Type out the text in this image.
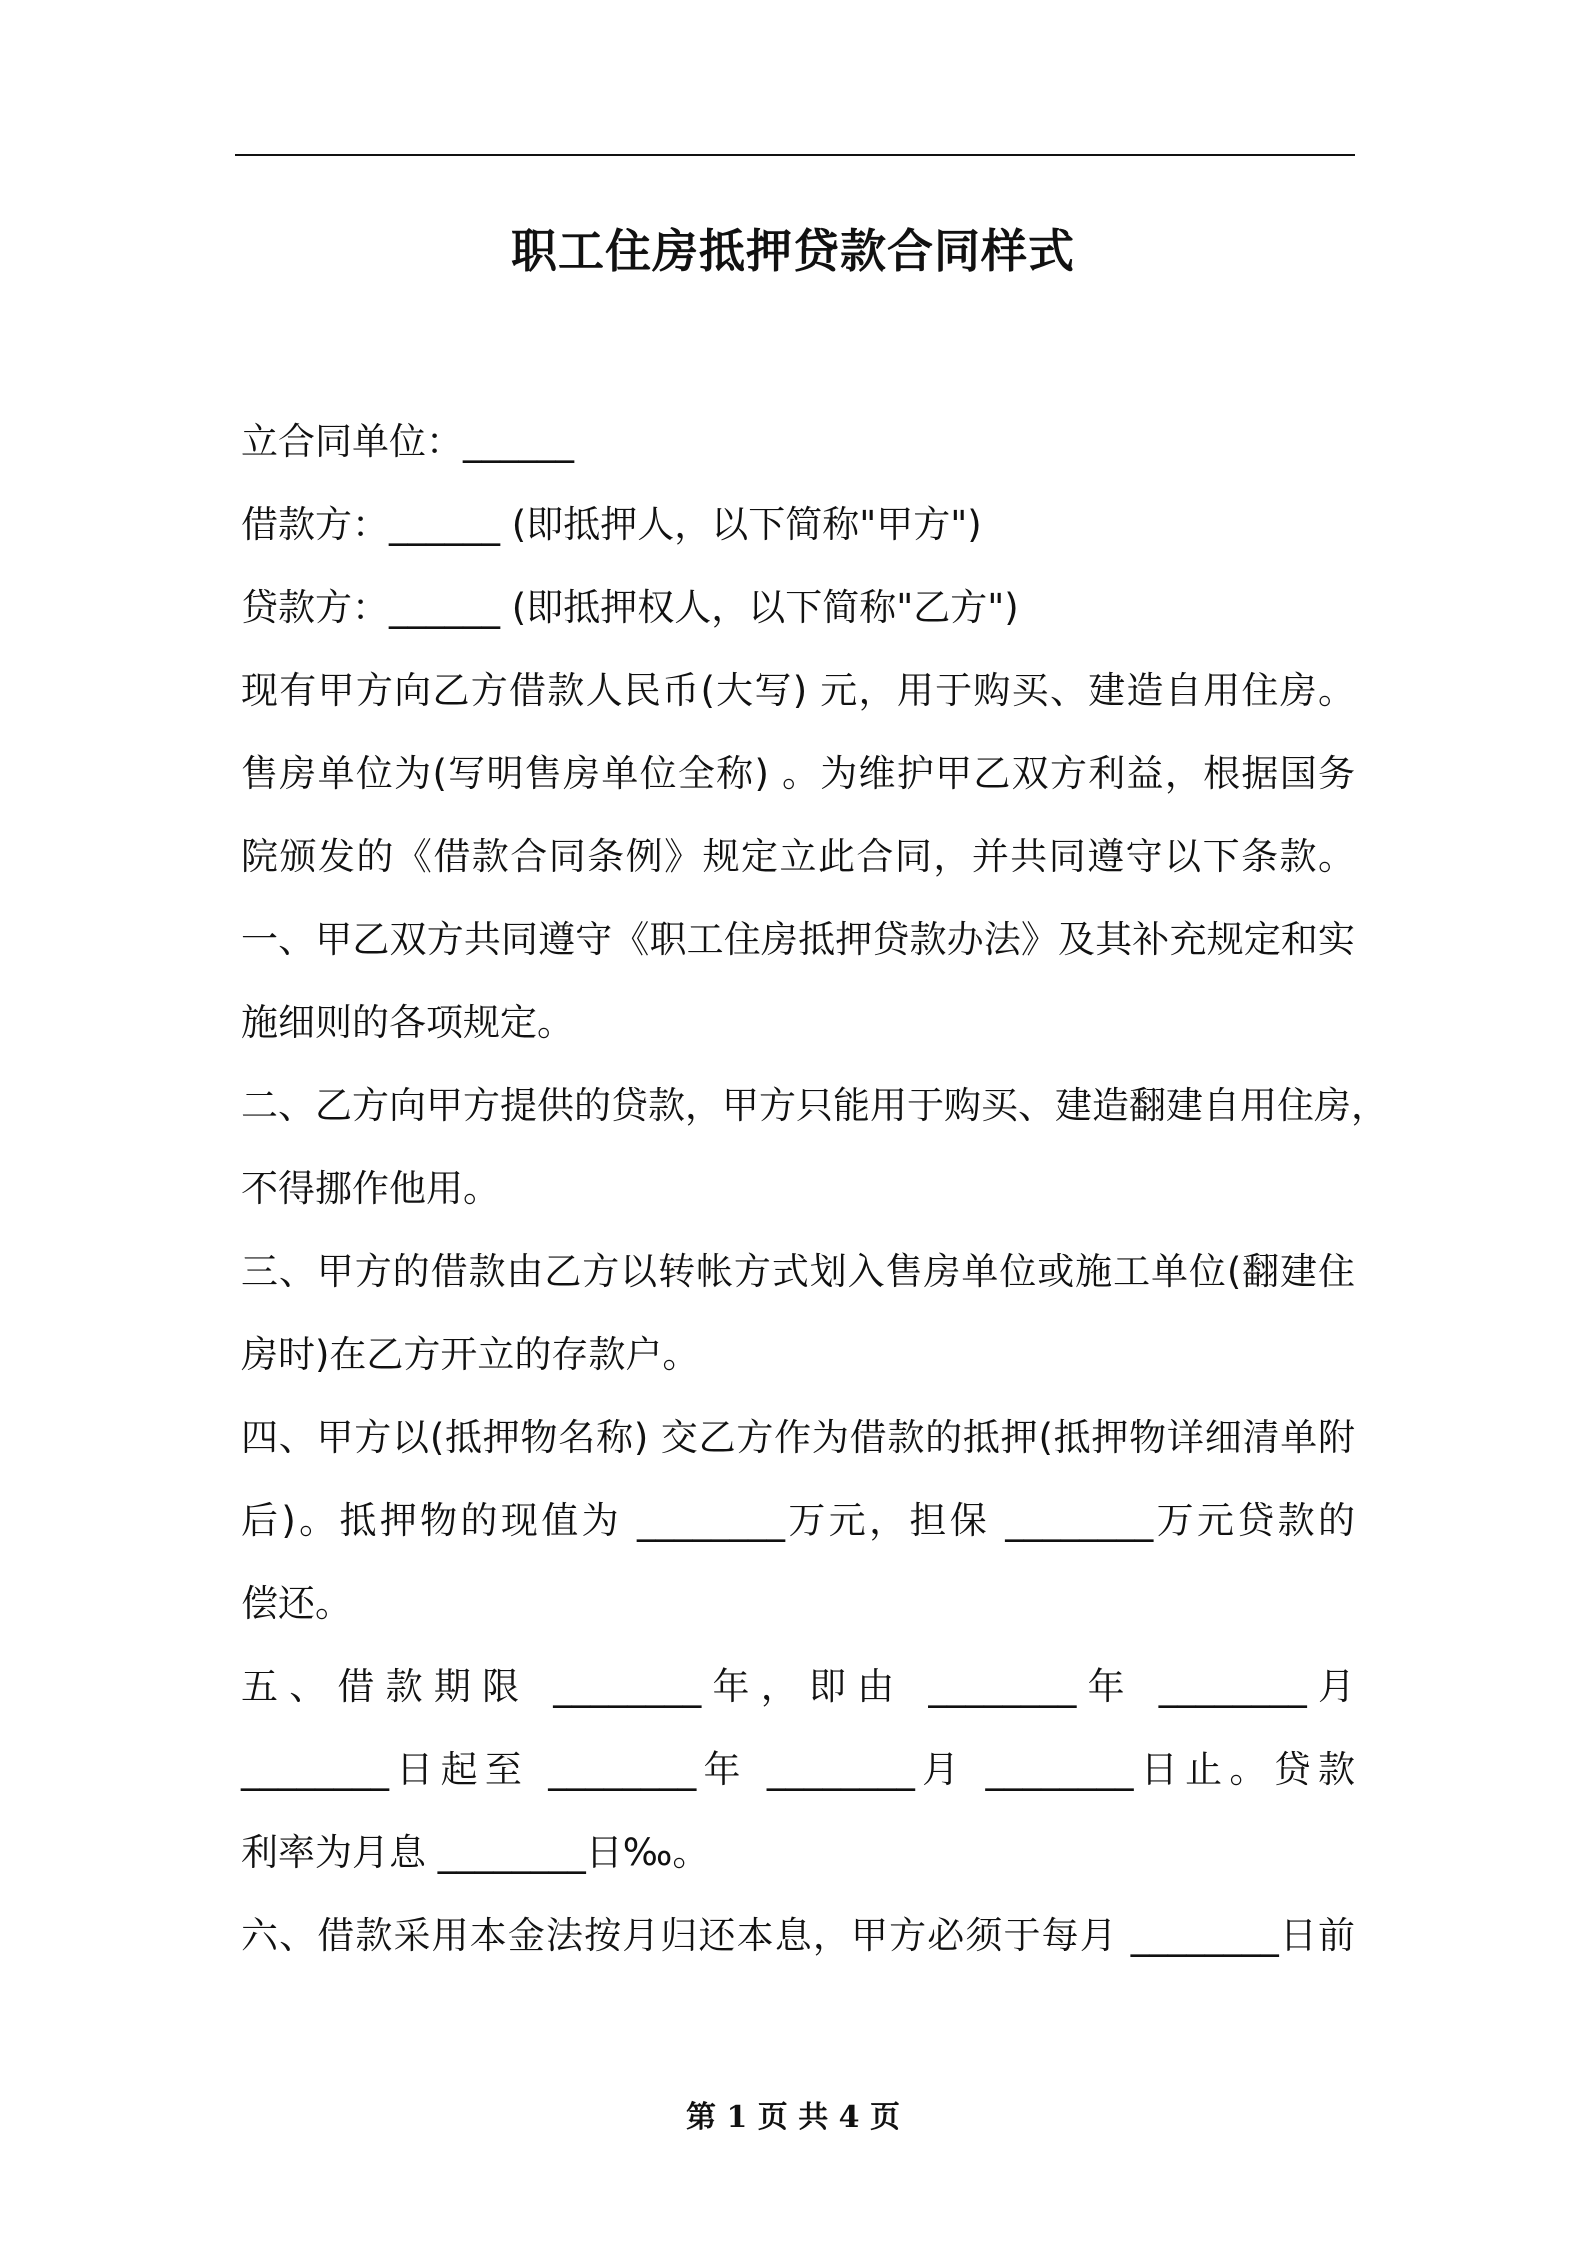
职工住房抵押贷款合同样式
立合同单位：______
借款方：______ (即抵押人，以下简称"甲方")
贷款方：______ (即抵押权人，以下简称"乙方")
现有甲方向乙方借款人民币(大写) 元，用于购买、建造自用住房。
售房单位为(写明售房单位全称) 。为维护甲乙双方利益，根据国务
院颁发的《借款合同条例》规定立此合同，并共同遵守以下条款。
一、甲乙双方共同遵守《职工住房抵押贷款办法》及其补充规定和实
施细则的各项规定。
二、乙方向甲方提供的贷款，甲方只能用于购买、建造翻建自用住房，
不得挪作他用。
三、甲方的借款由乙方以转帐方式划入售房单位或施工单位(翻建住
房时)在乙方开立的存款户。
四、甲方以(抵押物名称) 交乙方作为借款的抵押(抵押物详细清单附
后)。抵押物的现值为 ________万元，担保 ________万元贷款的
偿还。
五、借款期限 ________年，即由 ________年 ________月
________日起至 ________年 ________月 ________日止。贷款
利率为月息 ________日‰。
六、借款采用本金法按月归还本息，甲方必须于每月 ________日前
第 1 页 共 4 页
